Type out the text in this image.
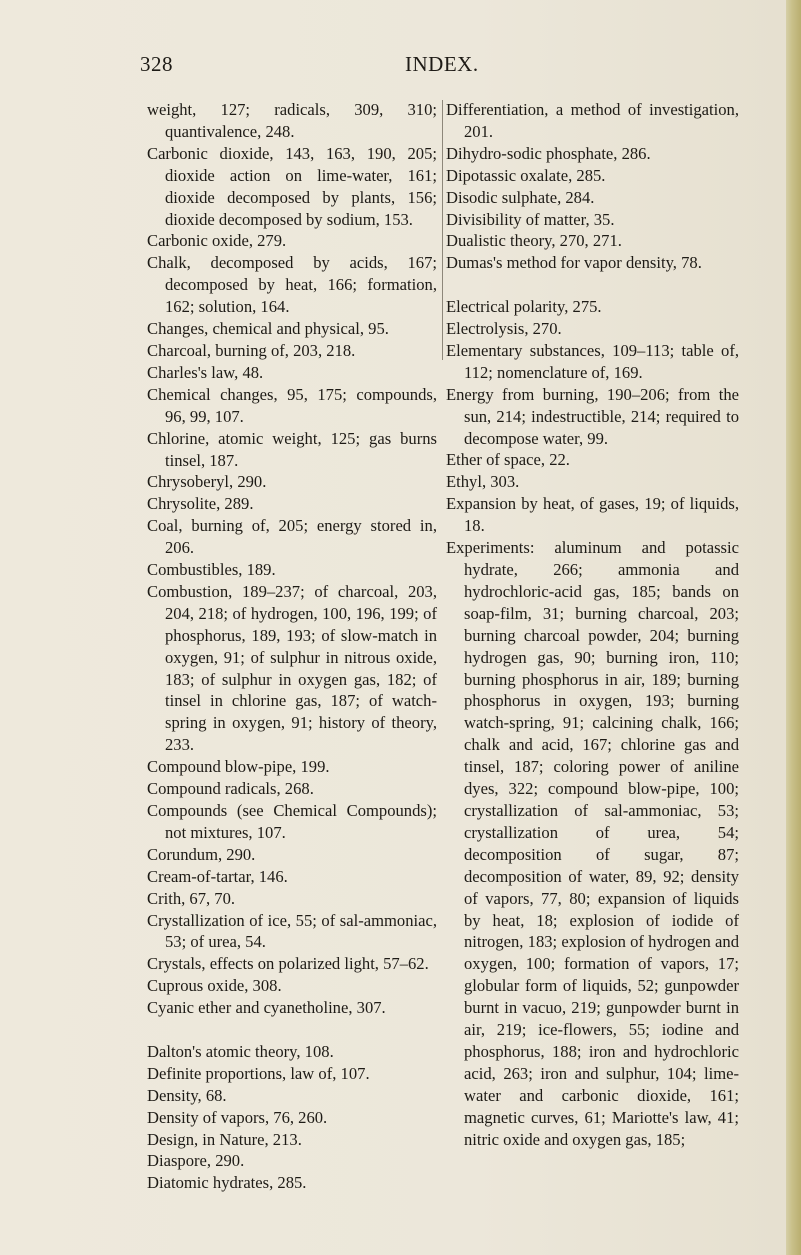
328	INDEX.

weight, 127; radicals, 309, 310; quantivalence, 248.

Carbonic dioxide, 143, 163, 190, 205; dioxide action on lime-water, 161; dioxide decomposed by plants, 156; dioxide decomposed by sodium, 153.

Carbonic oxide, 279.

Chalk, decomposed by acids, 167; decomposed by heat, 166; formation, 162; solution, 164.

Changes, chemical and physical, 95.

Charcoal, burning of, 203, 218.

Charles's law, 48.

Chemical changes, 95, 175; compounds, 96, 99, 107.

Chlorine, atomic weight, 125; gas burns tinsel, 187.

Chrysoberyl, 290.

Chrysolite, 289.

Coal, burning of, 205; energy stored in, 206.

Combustibles, 189.

Combustion, 189–237; of charcoal, 203, 204, 218; of hydrogen, 100, 196, 199; of phosphorus, 189, 193; of slow-match in oxygen, 91; of sulphur in nitrous oxide, 183; of sulphur in oxygen gas, 182; of tinsel in chlorine gas, 187; of watch-spring in oxygen, 91; history of theory, 233.

Compound blow-pipe, 199.

Compound radicals, 268.

Compounds (see Chemical Compounds); not mixtures, 107.

Corundum, 290.

Cream-of-tartar, 146.

Crith, 67, 70.

Crystallization of ice, 55; of sal-ammoniac, 53; of urea, 54.

Crystals, effects on polarized light, 57–62.

Cuprous oxide, 308.

Cyanic ether and cyanetholine, 307.

Dalton's atomic theory, 108.

Definite proportions, law of, 107.

Density, 68.

Density of vapors, 76, 260.

Design, in Nature, 213.

Diaspore, 290.

Diatomic hydrates, 285.

Differentiation, a method of investigation, 201.

Dihydro-sodic phosphate, 286.

Dipotassic oxalate, 285.

Disodic sulphate, 284.

Divisibility of matter, 35.

Dualistic theory, 270, 271.

Dumas's method for vapor density, 78.

Electrical polarity, 275.

Electrolysis, 270.

Elementary substances, 109–113; table of, 112; nomenclature of, 169.

Energy from burning, 190–206; from the sun, 214; indestructible, 214; required to decompose water, 99.

Ether of space, 22.

Ethyl, 303.

Expansion by heat, of gases, 19; of liquids, 18.

Experiments: aluminum and potassic hydrate, 266; ammonia and hydrochloric-acid gas, 185; bands on soap-film, 31; burning charcoal, 203; burning charcoal powder, 204; burning hydrogen gas, 90; burning iron, 110; burning phosphorus in air, 189; burning phosphorus in oxygen, 193; burning watch-spring, 91; calcining chalk, 166; chalk and acid, 167; chlorine gas and tinsel, 187; coloring power of aniline dyes, 322; compound blow-pipe, 100; crystallization of sal-ammoniac, 53; crystallization of urea, 54; decomposition of sugar, 87; decomposition of water, 89, 92; density of vapors, 77, 80; expansion of liquids by heat, 18; explosion of iodide of nitrogen, 183; explosion of hydrogen and oxygen, 100; formation of vapors, 17; globular form of liquids, 52; gunpowder burnt in vacuo, 219; gunpowder burnt in air, 219; ice-flowers, 55; iodine and phosphorus, 188; iron and hydrochloric acid, 263; iron and sulphur, 104; lime-water and carbonic dioxide, 161; magnetic curves, 61; Mariotte's law, 41; nitric oxide and oxygen gas, 185;
